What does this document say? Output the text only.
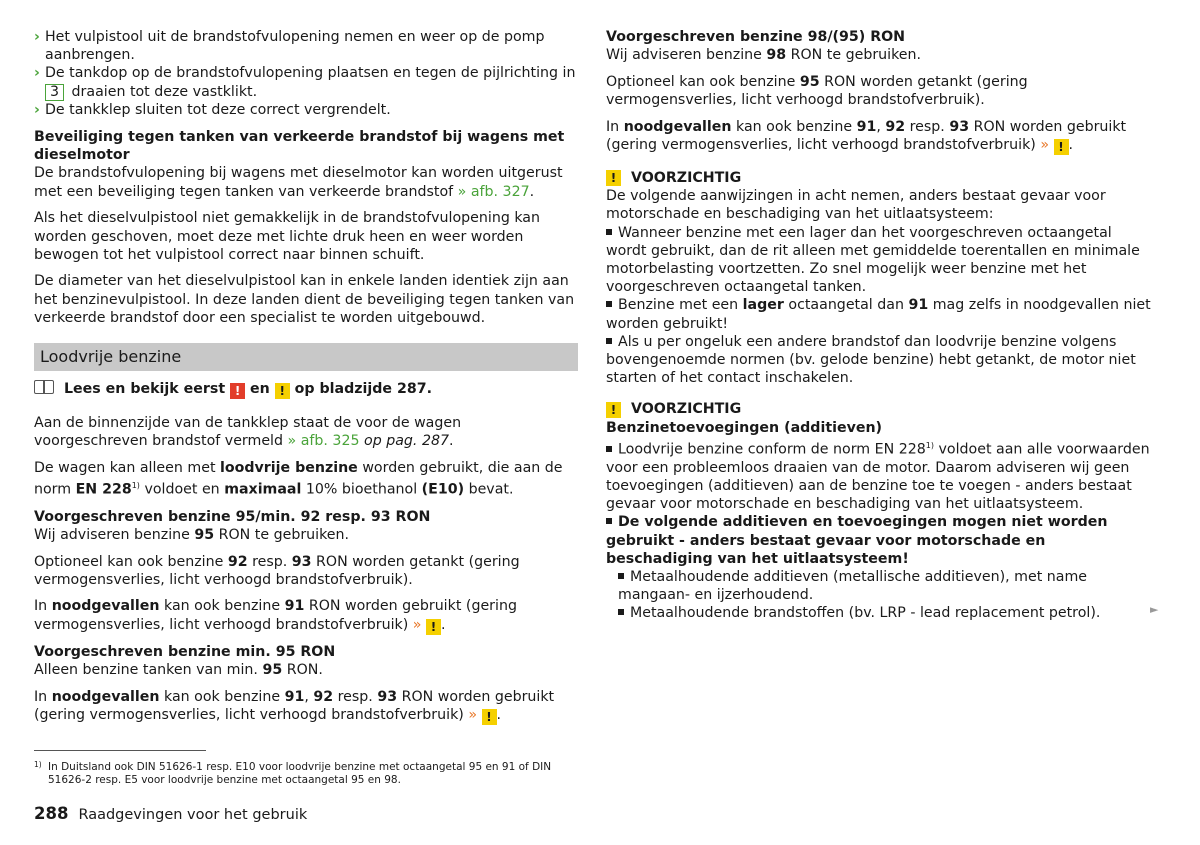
› Het vulpistool uit de brandstofvulopening nemen en weer op de pomp aanbrengen.

› De tankdop op de brandstofvulopening plaatsen en tegen de pijlrichting in 3 draaien tot deze vastklikt.

› De tankklep sluiten tot deze correct vergrendelt.

Beveiliging tegen tanken van verkeerde brandstof bij wagens met dieselmotor

De brandstofvulopening bij wagens met dieselmotor kan worden uitgerust met een beveiliging tegen tanken van verkeerde brandstof » afb. 327.

Als het dieselvulpistool niet gemakkelijk in de brandstofvulopening kan worden geschoven, moet deze met lichte druk heen en weer worden bewogen tot het vulpistool correct naar binnen schuift.

De diameter van het dieselvulpistool kan in enkele landen identiek zijn aan het benzinevulpistool. In deze landen dient de beveiliging tegen tanken van verkeerde brandstof door een specialist te worden uitgebouwd.

Loodvrije benzine

Lees en bekijk eerst ! en ! op bladzijde 287.

Aan de binnenzijde van de tankklep staat de voor de wagen voorgeschreven brandstof vermeld » afb. 325 op pag. 287.

De wagen kan alleen met loodvrije benzine worden gebruikt, die aan de norm EN 228$^{1)}$ voldoet en maximaal 10% bioethanol (E10) bevat.

Voorgeschreven benzine 95/min. 92 resp. 93 RON

Wij adviseren benzine 95 RON te gebruiken.

Optioneel kan ook benzine 92 resp. 93 RON worden getankt (gering vermogensverlies, licht verhoogd brandstofverbruik).

In noodgevallen kan ook benzine 91 RON worden gebruikt (gering vermogensverlies, licht verhoogd brandstofverbruik) » ! .

Voorgeschreven benzine min. 95 RON

Alleen benzine tanken van min. 95 RON.

In noodgevallen kan ook benzine 91, 92 resp. 93 RON worden gebruikt (gering vermogensverlies, licht verhoogd brandstofverbruik) » ! .

Voorgeschreven benzine 98/(95) RON

Wij adviseren benzine 98 RON te gebruiken.

Optioneel kan ook benzine 95 RON worden getankt (gering vermogensverlies, licht verhoogd brandstofverbruik).

In noodgevallen kan ook benzine 91, 92 resp. 93 RON worden gebruikt (gering vermogensverlies, licht verhoogd brandstofverbruik) » ! .

!	VOORZICHTIG

De volgende aanwijzingen in acht nemen, anders bestaat gevaar voor motorschade en beschadiging van het uitlaatsysteem:

Wanneer benzine met een lager dan het voorgeschreven octaangetal wordt gebruikt, dan de rit alleen met gemiddelde toerentallen en minimale motorbelasting voortzetten. Zo snel mogelijk weer benzine met het voorgeschreven octaangetal tanken.

Benzine met een lager octaangetal dan 91 mag zelfs in noodgevallen niet worden gebruikt!

Als u per ongeluk een andere brandstof dan loodvrije benzine volgens bovengenoemde normen (bv. gelode benzine) hebt getankt, de motor niet starten of het contact inschakelen.

!	VOORZICHTIG

Benzinetoevoegingen (additieven)

Loodvrije benzine conform de norm EN 228$^{1)}$ voldoet aan alle voorwaarden voor een probleemloos draaien van de motor. Daarom adviseren wij geen toevoegingen (additieven) aan de benzine toe te voegen - anders bestaat gevaar voor motorschade en beschadiging van het uitlaatsysteem.

De volgende additieven en toevoegingen mogen niet worden gebruikt - anders bestaat gevaar voor motorschade en beschadiging van het uitlaatsysteem!

Metaalhoudende additieven (metallische additieven), met name mangaan- en ijzerhoudend.

Metaalhoudende brandstoffen (bv. LRP - lead replacement petrol).	►
1) In Duitsland ook DIN 51626-1 resp. E10 voor loodvrije benzine met octaangetal 95 en 91 of DIN 51626-2 resp. E5 voor loodvrije benzine met octaangetal 95 en 98.
288 Raadgevingen voor het gebruik
